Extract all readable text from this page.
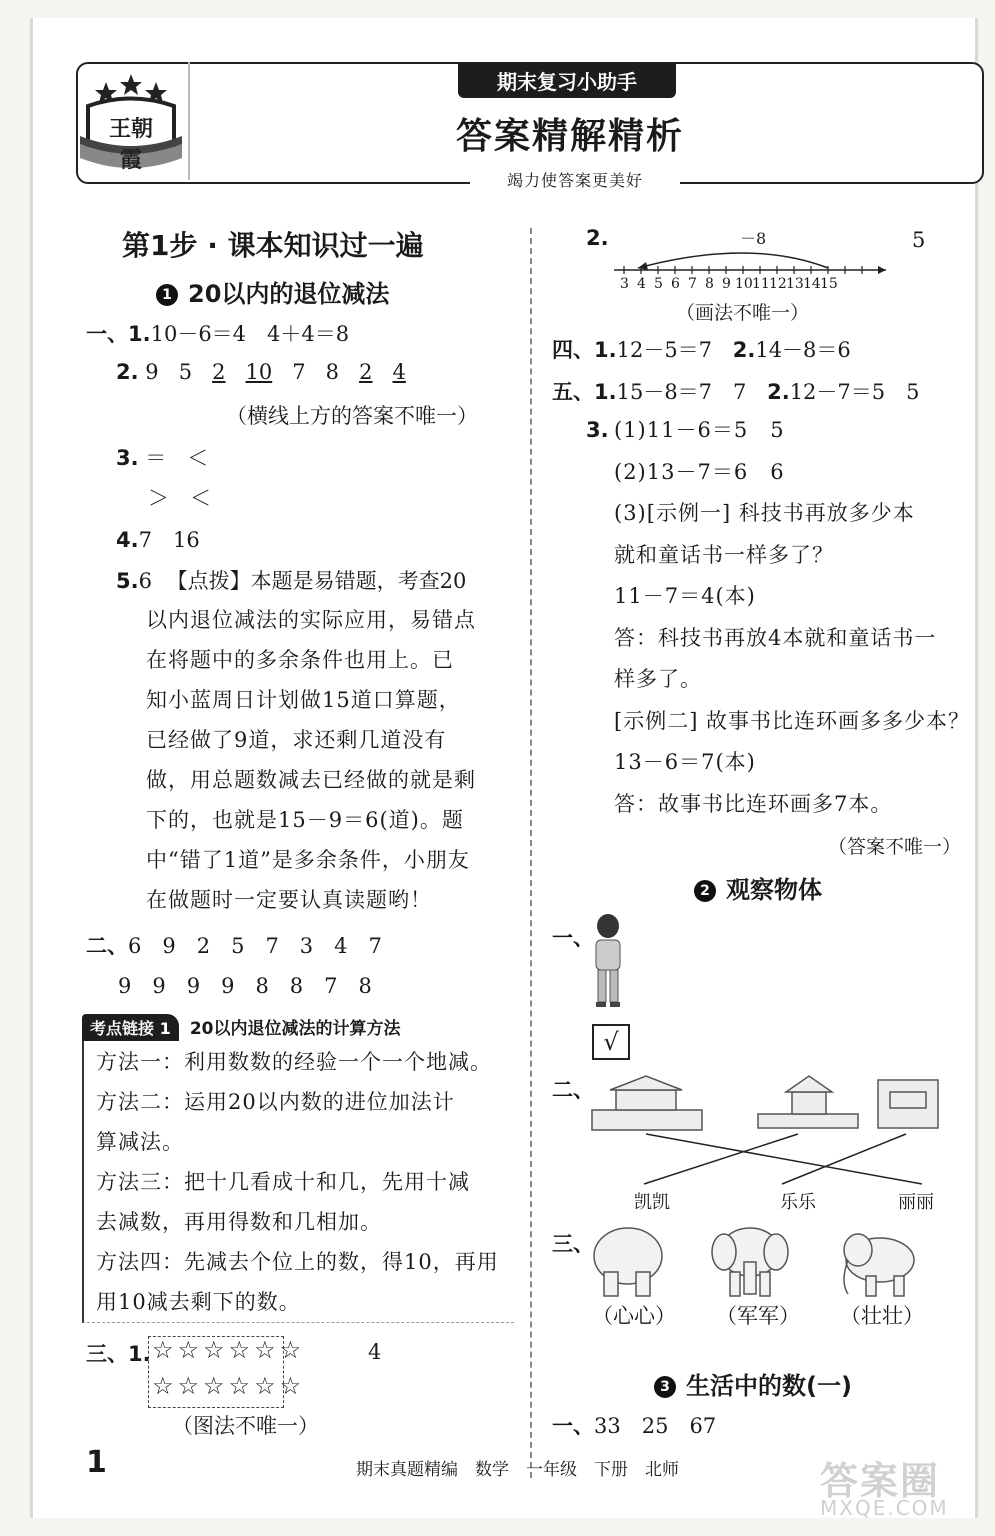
王朝霞
期末复习小助手
答案精解精析
竭力使答案更美好
第1步 · 课本知识过一遍
1 20以内的退位减法
一、1.10－6＝4　4＋4＝8
2. 9 5 2 10 7 8 2 4
（横线上方的答案不唯一）
3. ＝　＜
＞　＜
4.7　16
5.6 【点拨】本题是易错题，考查20
以内退位减法的实际应用，易错点
在将题中的多余条件也用上。已
知小蓝周日计划做15道口算题，
已经做了9道，求还剩几道没有
做，用总题数减去已经做的就是剩
下的，也就是15－9＝6(道)。题
中“错了1道”是多余条件，小朋友
在做题时一定要认真读题哟！
二、6　9　2　5　7　3　4　7
9　9　9　9　8　8　7　8
考点链接 1 20以内退位减法的计算方法
方法一：利用数数的经验一个一个地减。
方法二：运用20以内数的进位加法计
算减法。
方法三：把十几看成十和几，先用十减
去减数，再用得数和几相加。
方法四：先减去个位上的数，得10，再用
用10减去剩下的数。
三、1. ☆☆☆☆☆☆
☆☆☆☆☆☆
4
（图法不唯一）
2.	－8	5
3 4 5 6 7 8 9 101112131415
（画法不唯一）
四、1.12－5＝7 2.14－8＝6
五、1.15－8＝7　7 2.12－7＝5　5
3. (1)11－6＝5　5
(2)13－7＝6　6
(3)[示例一] 科技书再放多少本
就和童话书一样多了？
11－7＝4(本)
答：科技书再放4本就和童话书一
样多了。
[示例二] 故事书比连环画多多少本？
13－6＝7(本)
答：故事书比连环画多7本。
（答案不唯一）
2 观察物体
一、
√
二、
凯凯	乐乐	丽丽
三、
（心心） （军军） （壮壮）
3 生活中的数(一)
一、33　25　67
1	期末真题精编　数学　一年级　下册　北师	答案圈
MXQE.COM
